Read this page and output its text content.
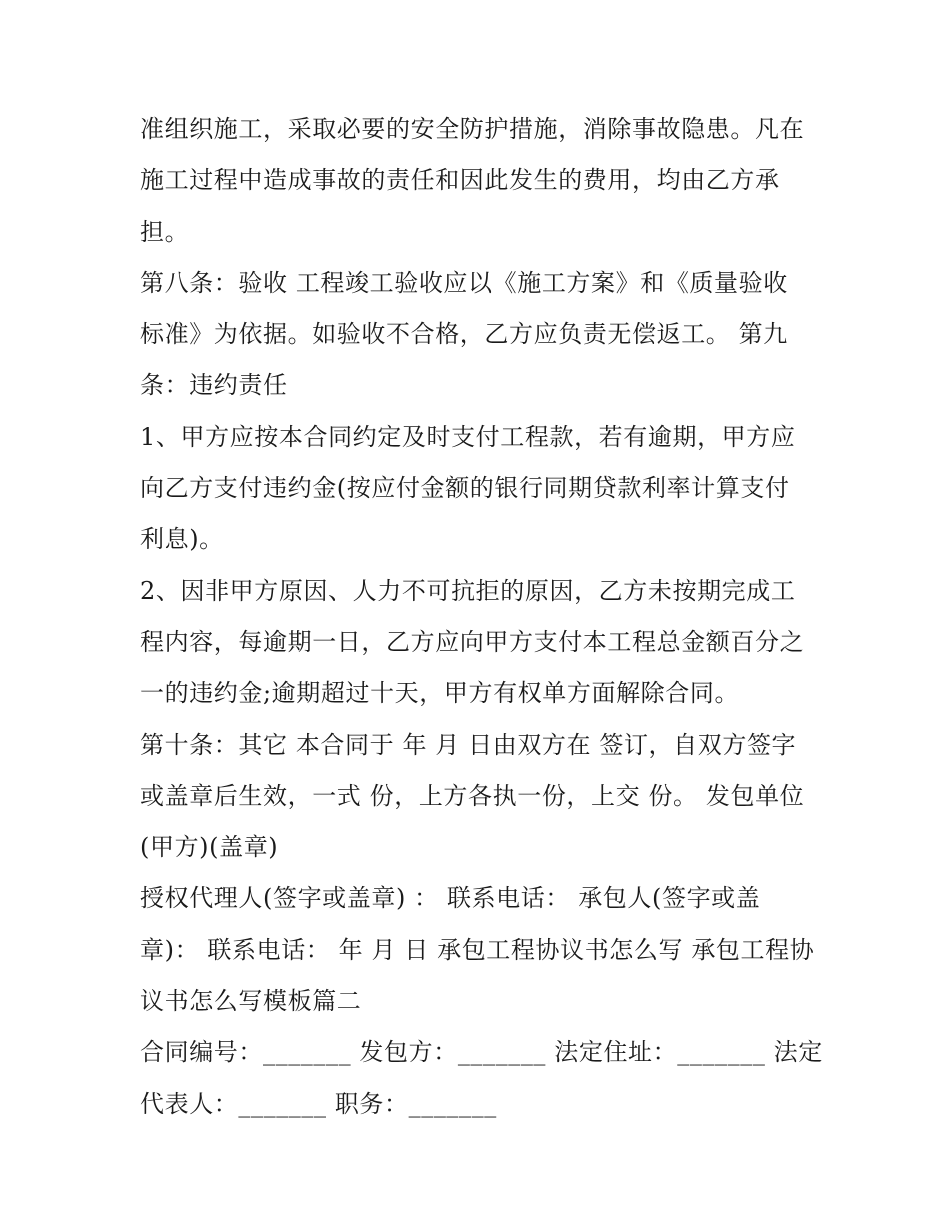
准组织施工，采取必要的安全防护措施，消除事故隐患。凡在
施工过程中造成事故的责任和因此发生的费用，均由乙方承
担。
第八条：验收 工程竣工验收应以《施工方案》和《质量验收
标准》为依据。如验收不合格，乙方应负责无偿返工。 第九
条：违约责任
1、甲方应按本合同约定及时支付工程款，若有逾期，甲方应
向乙方支付违约金(按应付金额的银行同期贷款利率计算支付
利息)。
2、因非甲方原因、人力不可抗拒的原因，乙方未按期完成工
程内容，每逾期一日，乙方应向甲方支付本工程总金额百分之
一的违约金;逾期超过十天，甲方有权单方面解除合同。
第十条：其它 本合同于 年 月 日由双方在 签订，自双方签字
或盖章后生效，一式 份，上方各执一份，上交 份。 发包单位
(甲方)(盖章)
授权代理人(签字或盖章) ： 联系电话： 承包人(签字或盖
章)： 联系电话： 年 月 日 承包工程协议书怎么写 承包工程协
议书怎么写模板篇二
合同编号：_______ 发包方：_______ 法定住址：_______ 法定
代表人：_______ 职务：_______
